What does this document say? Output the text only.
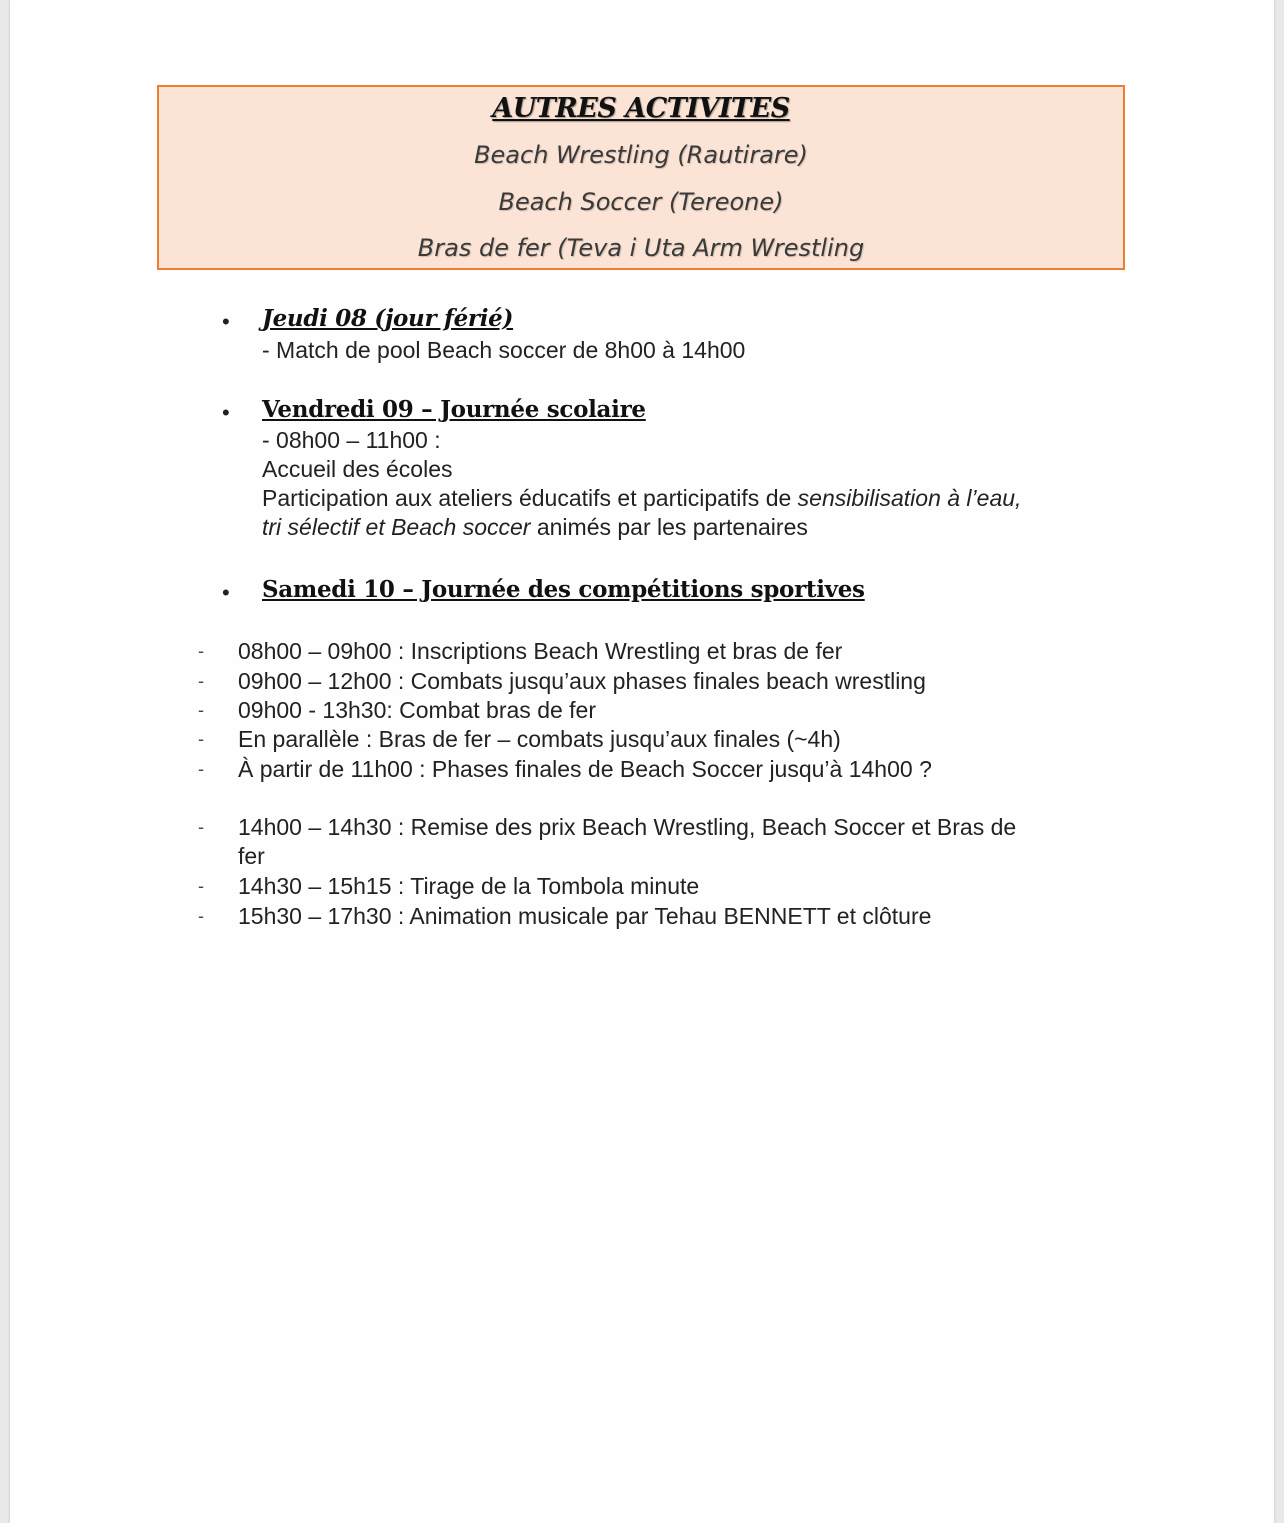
AUTRES ACTIVITES
Beach Wrestling (Rautirare)
Beach Soccer (Tereone)
Bras de fer (Teva i Uta Arm Wrestling
• Jeudi 08 (jour férié)
- Match de pool Beach soccer de 8h00 à 14h00
• Vendredi 09 – Journée scolaire
- 08h00 – 11h00 :
Accueil des écoles
Participation aux ateliers éducatifs et participatifs de sensibilisation à l’eau,
tri sélectif et Beach soccer animés par les partenaires
• Samedi 10 – Journée des compétitions sportives
- 08h00 – 09h00 : Inscriptions Beach Wrestling et bras de fer
- 09h00 – 12h00 : Combats jusqu’aux phases finales beach wrestling
- 09h00 - 13h30: Combat bras de fer
- En parallèle : Bras de fer – combats jusqu’aux finales (~4h)
- À partir de 11h00 : Phases finales de Beach Soccer jusqu’à 14h00 ?
- 14h00 – 14h30 : Remise des prix Beach Wrestling, Beach Soccer et Bras de
fer
- 14h30 – 15h15 : Tirage de la Tombola minute
- 15h30 – 17h30 : Animation musicale par Tehau BENNETT et clôture
